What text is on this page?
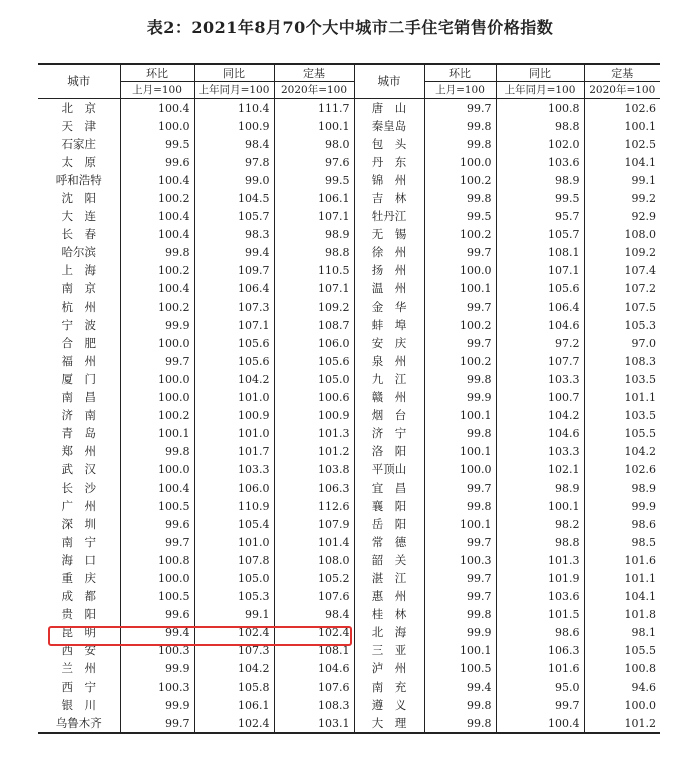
表2：2021年8月70个大中城市二手住宅销售价格指数
城市	环比	同比	定基	城市	环比	同比	定基
	上月=100	上年同月=100	2020年=100		上月=100	上年同月=100	2020年=100
北　京	100.4	110.4	111.7	唐　山	99.7	100.8	102.6
天　津	100.0	100.9	100.1	秦皇岛	99.8	98.8	100.1
石家庄	99.5	98.4	98.0	包　头	99.8	102.0	102.5
太　原	99.6	97.8	97.6	丹　东	100.0	103.6	104.1
呼和浩特	100.4	99.0	99.5	锦　州	100.2	98.9	99.1
沈　阳	100.2	104.5	106.1	吉　林	99.8	99.5	99.2
大　连	100.4	105.7	107.1	牡丹江	99.5	95.7	92.9
长　春	100.4	98.3	98.9	无　锡	100.2	105.7	108.0
哈尔滨	99.8	99.4	98.8	徐　州	99.7	108.1	109.2
上　海	100.2	109.7	110.5	扬　州	100.0	107.1	107.4
南　京	100.4	106.4	107.1	温　州	100.1	105.6	107.2
杭　州	100.2	107.3	109.2	金　华	99.7	106.4	107.5
宁　波	99.9	107.1	108.7	蚌　埠	100.2	104.6	105.3
合　肥	100.0	105.6	106.0	安　庆	99.7	97.2	97.0
福　州	99.7	105.6	105.6	泉　州	100.2	107.7	108.3
厦　门	100.0	104.2	105.0	九　江	99.8	103.3	103.5
南　昌	100.0	101.0	100.6	赣　州	99.9	100.7	101.1
济　南	100.2	100.9	100.9	烟　台	100.1	104.2	103.5
青　岛	100.1	101.0	101.3	济　宁	99.8	104.6	105.5
郑　州	99.8	101.7	101.2	洛　阳	100.1	103.3	104.2
武　汉	100.0	103.3	103.8	平顶山	100.0	102.1	102.6
长　沙	100.4	106.0	106.3	宜　昌	99.7	98.9	98.9
广　州	100.5	110.9	112.6	襄　阳	99.8	100.1	99.9
深　圳	99.6	105.4	107.9	岳　阳	100.1	98.2	98.6
南　宁	99.7	101.0	101.4	常　德	99.7	98.8	98.5
海　口	100.8	107.8	108.0	韶　关	100.3	101.3	101.6
重　庆	100.0	105.0	105.2	湛　江	99.7	101.9	101.1
成　都	100.5	105.3	107.6	惠　州	99.7	103.6	104.1
贵　阳	99.6	99.1	98.4	桂　林	99.8	101.5	101.8
昆　明	99.4	102.4	102.4	北　海	99.9	98.6	98.1
西　安	100.3	107.3	108.1	三　亚	100.1	106.3	105.5
兰　州	99.9	104.2	104.6	泸　州	100.5	101.6	100.8
西　宁	100.3	105.8	107.6	南　充	99.4	95.0	94.6
银　川	99.9	106.1	108.3	遵　义	99.8	99.7	100.0
乌鲁木齐	99.7	102.4	103.1	大　理	99.8	100.4	101.2
